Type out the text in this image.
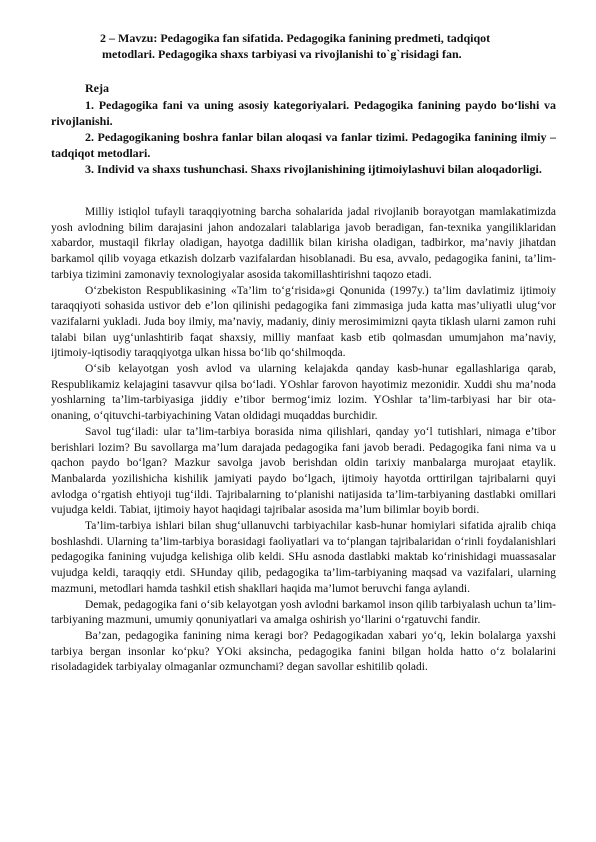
2 – Mavzu: Pedagogika fan sifatida. Pedagogika fanining predmeti, tadqiqot
metodlari. Pedagogika shaxs tarbiyasi va rivojlanishi to`g`risidagi fan.

Reja

1. Pedagogika fani va uning asosiy kategoriyalari. Pedagogika fanining paydo bo‘lishi va rivojlanishi.

2. Pedagogikaning boshra fanlar bilan aloqasi va fanlar tizimi. Pedagogika fanining ilmiy – tadqiqot metodlari.

3. Individ va shaxs tushunchasi. Shaxs rivojlanishining ijtimoiylashuvi bilan aloqadorligi.

Milliy istiqlol tufayli taraqqiyotning barcha sohalarida jadal rivojlanib borayotgan mamlakatimizda yosh avlodning bilim darajasini jahon andozalari talablariga javob beradigan, fan-texnika yangiliklaridan xabardor, mustaqil fikrlay oladigan, hayotga dadillik bilan kirisha oladigan, tadbirkor, ma’naviy jihatdan barkamol qilib voyaga etkazish dolzarb vazifalardan hisoblanadi. Bu esa, avvalo, pedagogika fanini, ta’lim-tarbiya tizimini zamonaviy texnologiyalar asosida takomillashtirishni taqozo etadi.

O‘zbekiston Respublikasining «Ta’lim to‘g‘risida»gi Qonunida (1997y.) ta’lim davlatimiz ijtimoiy taraqqiyoti sohasida ustivor deb e’lon qilinishi pedagogika fani zimmasiga juda katta mas’uliyatli ulug‘vor vazifalarni yukladi. Juda boy ilmiy, ma’naviy, madaniy, diniy merosimimizni qayta tiklash ularni zamon ruhi talabi bilan uyg‘unlashtirib faqat shaxsiy, milliy manfaat kasb etib qolmasdan umumjahon ma’naviy, ijtimoiy-iqtisodiy taraqqiyotga ulkan hissa bo‘lib qo‘shilmoqda.

O‘sib kelayotgan yosh avlod va ularning kelajakda qanday kasb-hunar egallashlariga qarab, Respublikamiz kelajagini tasavvur qilsa bo‘ladi. YOshlar farovon hayotimiz mezonidir. Xuddi shu ma’noda yoshlarning ta’lim-tarbiyasiga jiddiy e’tibor bermog‘imiz lozim. YOshlar ta’lim-tarbiyasi har bir ota-onaning, o‘qituvchi-tarbiyachining Vatan oldidagi muqaddas burchidir.

Savol tug‘iladi: ular ta’lim-tarbiya borasida nima qilishlari, qanday yo‘l tutishlari, nimaga e’tibor berishlari lozim? Bu savollarga ma’lum darajada pedagogika fani javob beradi. Pedagogika fani nima va u qachon paydo bo‘lgan? Mazkur savolga javob berishdan oldin tarixiy manbalarga murojaat etaylik. Manbalarda yozilishicha kishilik jamiyati paydo bo‘lgach, ijtimoiy hayotda orttirilgan tajribalarni quyi avlodga o‘rgatish ehtiyoji tug‘ildi. Tajribalarning to‘planishi natijasida ta’lim-tarbiyaning dastlabki omillari vujudga keldi. Tabiat, ijtimoiy hayot haqidagi tajribalar asosida ma’lum bilimlar boyib bordi.

Ta’lim-tarbiya ishlari bilan shug‘ullanuvchi tarbiyachilar kasb-hunar homiylari sifatida ajralib chiqa boshlashdi. Ularning ta’lim-tarbiya borasidagi faoliyatlari va to‘plangan tajribalaridan o‘rinli foydalanishlari pedagogika fanining vujudga kelishiga olib keldi. SHu asnoda dastlabki maktab ko‘rinishidagi muassasalar vujudga keldi, taraqqiy etdi. SHunday qilib, pedagogika ta’lim-tarbiyaning maqsad va vazifalari, ularning mazmuni, metodlari hamda tashkil etish shakllari haqida ma’lumot beruvchi fanga aylandi.

Demak, pedagogika fani o‘sib kelayotgan yosh avlodni barkamol inson qilib tarbiyalash uchun ta’lim-tarbiyaning mazmuni, umumiy qonuniyatlari va amalga oshirish yo‘llarini o‘rgatuvchi fandir.

Ba’zan, pedagogika fanining nima keragi bor? Pedagogikadan xabari yo‘q, lekin bolalarga yaxshi tarbiya bergan insonlar ko‘pku? YOki aksincha, pedagogika fanini bilgan holda hatto o‘z bolalarini risoladagidek tarbiyalay olmaganlar ozmunchami? degan savollar eshitilib qoladi.
